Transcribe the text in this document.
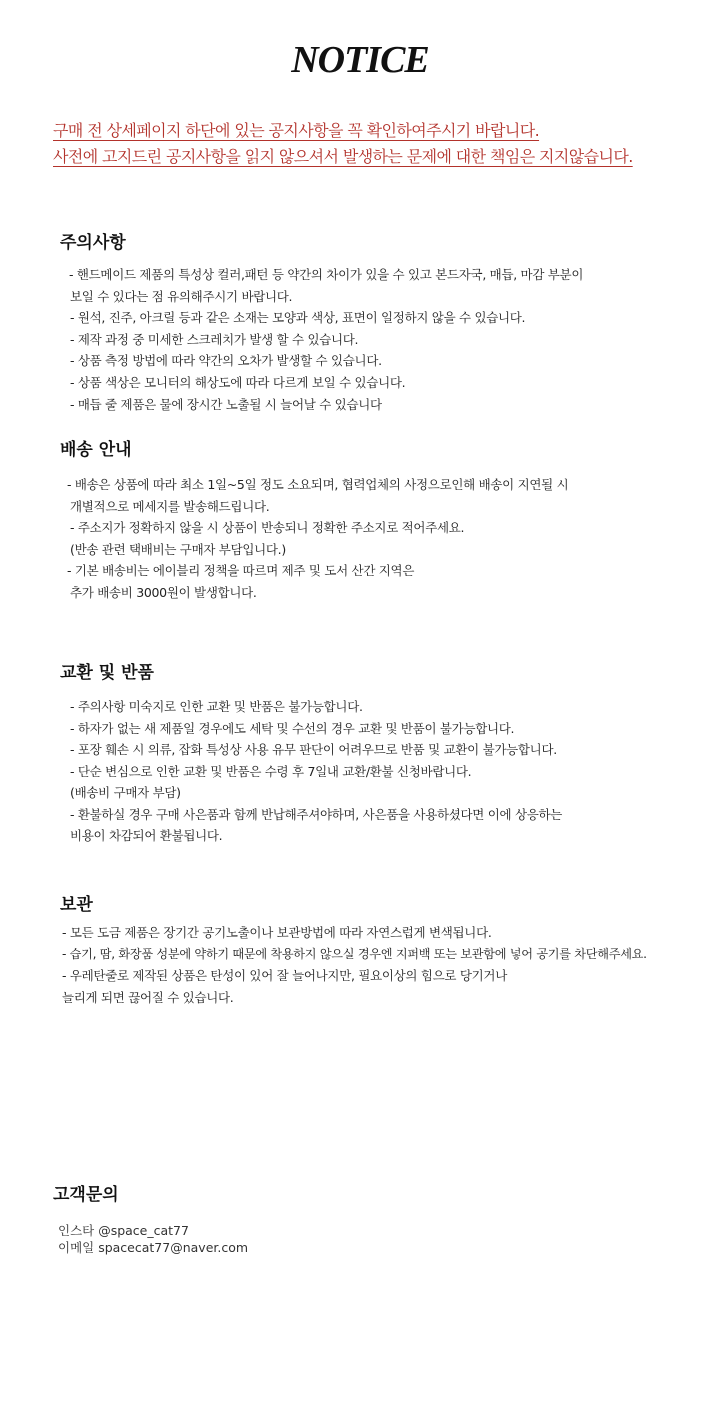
NOTICE
구매 전 상세페이지 하단에 있는 공지사항을 꼭 확인하여주시기 바랍니다.
사전에 고지드린 공지사항을 읽지 않으셔서 발생하는 문제에 대한 책임은 지지않습니다.
주의사항
- 핸드메이드 제품의 특성상 컬러,패턴 등 약간의 차이가 있을 수 있고 본드자국, 매듭, 마감 부분이
보일 수 있다는 점 유의해주시기 바랍니다.
- 원석, 진주, 아크릴 등과 같은 소재는 모양과 색상, 표면이 일정하지 않을 수 있습니다.
- 제작 과정 중 미세한 스크레치가 발생 할 수 있습니다.
- 상품 측정 방법에 따라 약간의 오차가 발생할 수 있습니다.
- 상품 색상은 모니터의 해상도에 따라 다르게 보일 수 있습니다.
- 매듭 줄 제품은 물에 장시간 노출될 시 늘어날 수 있습니다
배송 안내
- 배송은 상품에 따라 최소 1일~5일 정도 소요되며, 협력업체의 사정으로인해 배송이 지연될 시
개별적으로 메세지를 발송해드립니다.
- 주소지가 정확하지 않을 시 상품이 반송되니 정확한 주소지로 적어주세요.
(반송 관련 택배비는 구매자 부담입니다.)
- 기본 배송비는 에이블리 정책을 따르며 제주 및 도서 산간 지역은
추가 배송비 3000원이 발생합니다.
교환 및 반품
- 주의사항 미숙지로 인한 교환 및 반품은 불가능합니다.
- 하자가 없는 새 제품일 경우에도 세탁 및 수선의 경우 교환 및 반품이 불가능합니다.
- 포장 훼손 시 의류, 잡화 특성상 사용 유무 판단이 어려우므로 반품 및 교환이 불가능합니다.
- 단순 변심으로 인한 교환 및 반품은 수령 후 7일내 교환/환불 신청바랍니다.
(배송비 구매자 부담)
- 환불하실 경우 구매 사은품과 함께 반납해주셔야하며, 사은품을 사용하셨다면 이에 상응하는
비용이 차감되어 환불됩니다.
보관
- 모든 도금 제품은 장기간 공기노출이나 보관방법에 따라 자연스럽게 변색됩니다.
- 습기, 땀, 화장품 성분에 약하기 때문에 착용하지 않으실 경우엔 지퍼백 또는 보관함에 넣어 공기를 차단해주세요.
- 우레탄줄로 제작된 상품은 탄성이 있어 잘 늘어나지만, 필요이상의 힘으로 당기거나
늘리게 되면 끊어질 수 있습니다.
고객문의
인스타 @space_cat77
이메일 spacecat77@naver.com
